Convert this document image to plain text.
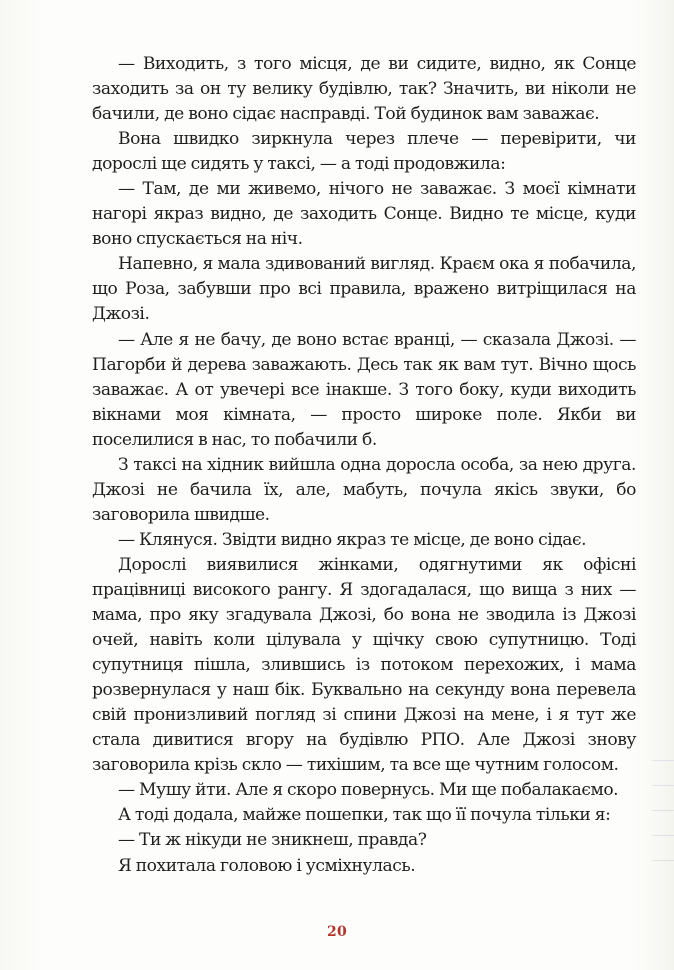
— Виходить, з того місця, де ви сидите, видно, як Сонце заходить за он ту велику будівлю, так? Значить, ви ніколи не бачили, де воно сідає насправді. Той будинок вам заважає.

Вона швидко зиркнула через плече — перевірити, чи дорослі ще сидять у таксі, — а тоді продовжила:

— Там, де ми живемо, нічого не заважає. З моєї кімнати нагорі якраз видно, де заходить Сонце. Видно те місце, куди воно спускається на ніч.

Напевно, я мала здивований вигляд. Краєм ока я побачила, що Роза, забувши про всі правила, вражено витріщилася на Джозі.

— Але я не бачу, де воно встає вранці, — сказала Джозі. — Пагорби й дерева заважають. Десь так як вам тут. Вічно щось заважає. А от увечері все інакше. З того боку, куди виходить вікнами моя кімната, — просто широке поле. Якби ви поселилися в нас, то побачили б.

З таксі на хідник вийшла одна доросла особа, за нею друга. Джозі не бачила їх, але, мабуть, почула якісь звуки, бо заговорила швидше.

— Клянуся. Звідти видно якраз те місце, де воно сідає.

Дорослі виявилися жінками, одягнутими як офісні працівниці високого рангу. Я здогадалася, що вища з них — мама, про яку згадувала Джозі, бо вона не зводила із Джозі очей, навіть коли цілувала у щічку свою супутницю. Тоді супутниця пішла, злившись із потоком перехожих, і мама розвернулася у наш бік. Буквально на секунду вона перевела свій пронизливий погляд зі спини Джозі на мене, і я тут же стала дивитися вгору на будівлю РПО. Але Джозі знову заговорила крізь скло — тихішим, та все ще чутним голосом.

— Мушу йти. Але я скоро повернусь. Ми ще побалакаємо.

А тоді додала, майже пошепки, так що її почула тільки я:

— Ти ж нікуди не зникнеш, правда?

Я похитала головою і усміхнулась.

20
